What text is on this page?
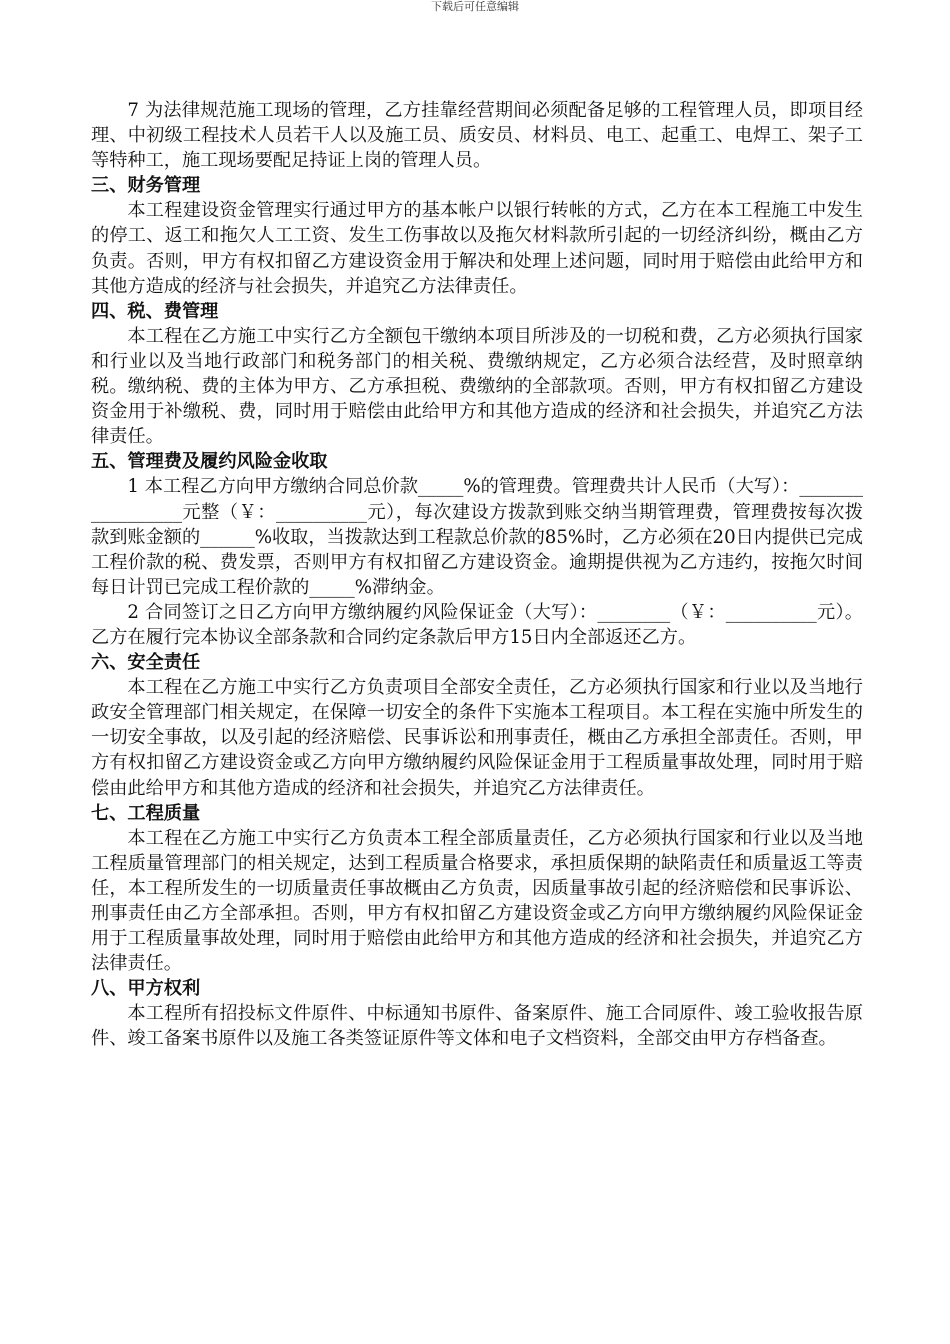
下载后可任意编辑

7 为法律规范施工现场的管理，乙方挂靠经营期间必须配备足够的工程管理人员，即项目经理、中初级工程技术人员若干人以及施工员、质安员、材料员、电工、起重工、电焊工、架子工等特种工，施工现场要配足持证上岗的管理人员。

三、财务管理

本工程建设资金管理实行通过甲方的基本帐户以银行转帐的方式，乙方在本工程施工中发生的停工、返工和拖欠人工工资、发生工伤事故以及拖欠材料款所引起的一切经济纠纷，概由乙方负责。否则，甲方有权扣留乙方建设资金用于解决和处理上述问题，同时用于赔偿由此给甲方和其他方造成的经济与社会损失，并追究乙方法律责任。

四、税、费管理

本工程在乙方施工中实行乙方全额包干缴纳本项目所涉及的一切税和费，乙方必须执行国家和行业以及当地行政部门和税务部门的相关税、费缴纳规定，乙方必须合法经营，及时照章纳税。缴纳税、费的主体为甲方、乙方承担税、费缴纳的全部款项。否则，甲方有权扣留乙方建设资金用于补缴税、费，同时用于赔偿由此给甲方和其他方造成的经济和社会损失，并追究乙方法律责任。

五、管理费及履约风险金收取

1 本工程乙方向甲方缴纳合同总价款_____%的管理费。管理费共计人民币（大写）：_________________元整（￥：__________元），每次建设方拨款到账交纳当期管理费，管理费按每次拨款到账金额的______%收取，当拨款达到工程款总价款的85%时，乙方必须在20日内提供已完成工程价款的税、费发票，否则甲方有权扣留乙方建设资金。逾期提供视为乙方违约，按拖欠时间每日计罚已完成工程价款的_____%滞纳金。

2 合同签订之日乙方向甲方缴纳履约风险保证金（大写）：________（￥：__________元）。乙方在履行完本协议全部条款和合同约定条款后甲方15日内全部返还乙方。

六、安全责任

本工程在乙方施工中实行乙方负责项目全部安全责任，乙方必须执行国家和行业以及当地行政安全管理部门相关规定，在保障一切安全的条件下实施本工程项目。本工程在实施中所发生的一切安全事故，以及引起的经济赔偿、民事诉讼和刑事责任，概由乙方承担全部责任。否则，甲方有权扣留乙方建设资金或乙方向甲方缴纳履约风险保证金用于工程质量事故处理，同时用于赔偿由此给甲方和其他方造成的经济和社会损失，并追究乙方法律责任。

七、工程质量

本工程在乙方施工中实行乙方负责本工程全部质量责任，乙方必须执行国家和行业以及当地工程质量管理部门的相关规定，达到工程质量合格要求，承担质保期的缺陷责任和质量返工等责任，本工程所发生的一切质量责任事故概由乙方负责，因质量事故引起的经济赔偿和民事诉讼、刑事责任由乙方全部承担。否则，甲方有权扣留乙方建设资金或乙方向甲方缴纳履约风险保证金用于工程质量事故处理，同时用于赔偿由此给甲方和其他方造成的经济和社会损失，并追究乙方法律责任。

八、甲方权利

本工程所有招投标文件原件、中标通知书原件、备案原件、施工合同原件、竣工验收报告原件、竣工备案书原件以及施工各类签证原件等文体和电子文档资料，全部交由甲方存档备查。
